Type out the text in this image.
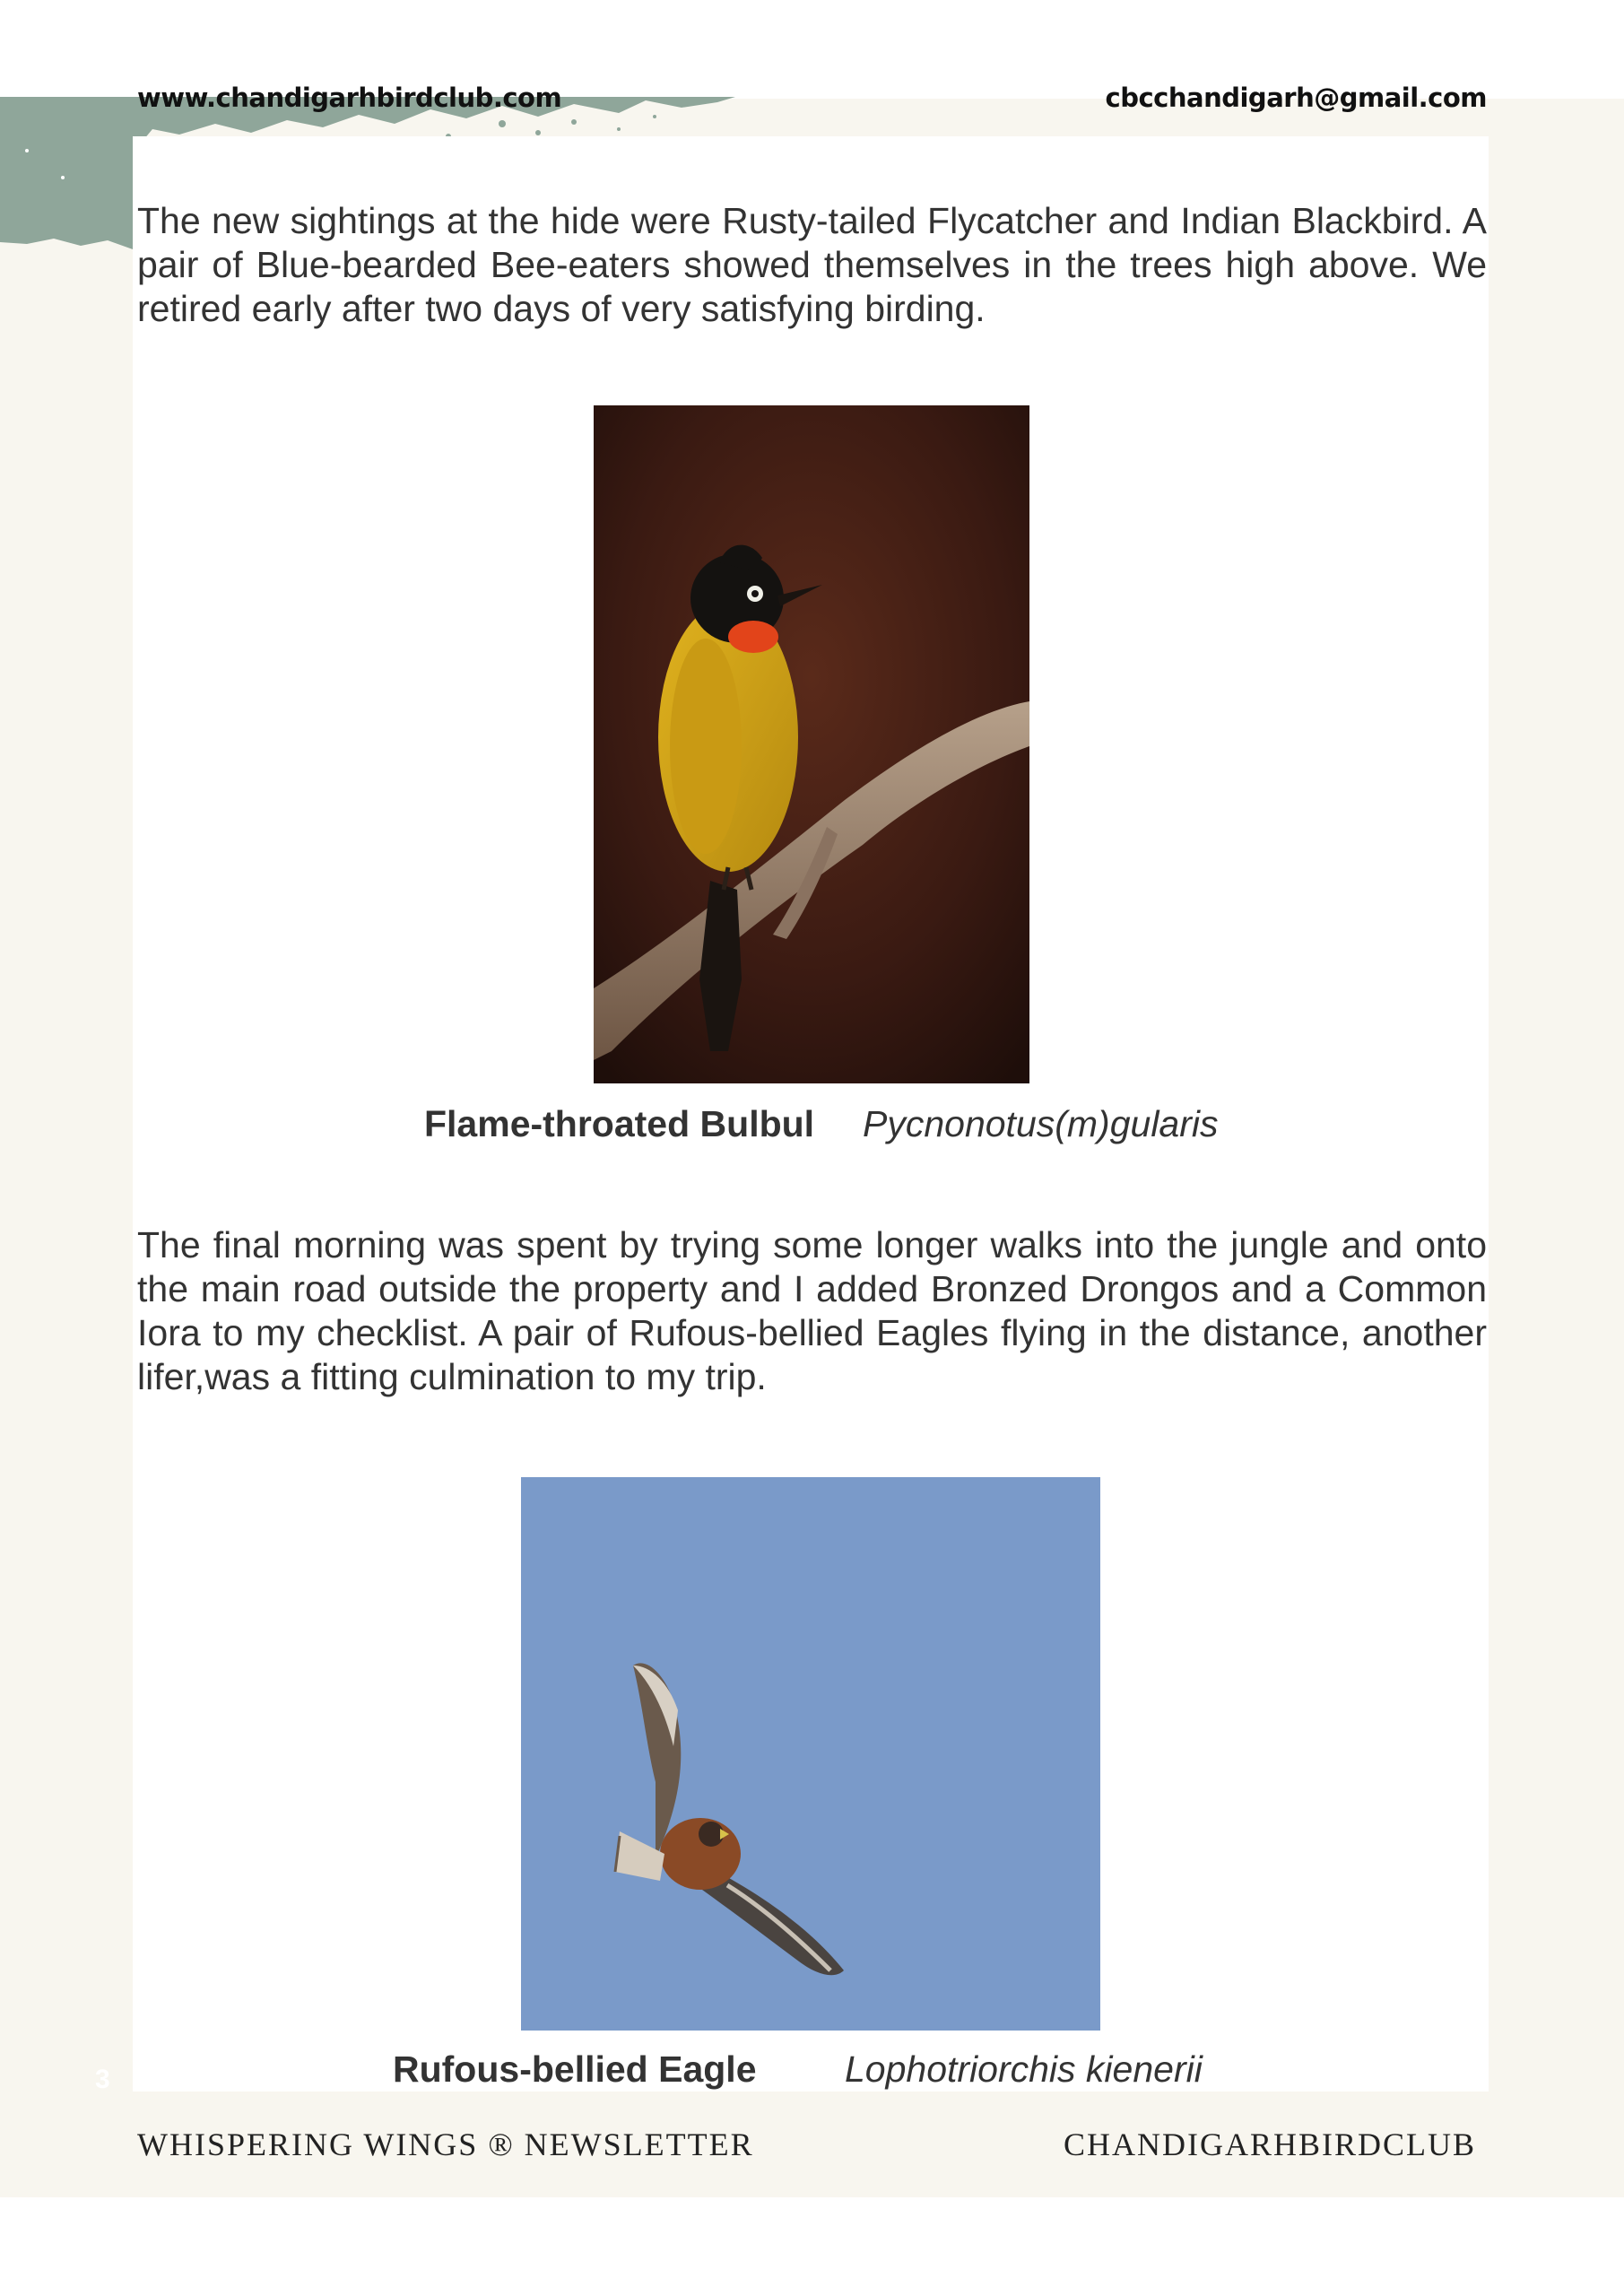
www.chandigarhbirdclub.com	cbcchandigarh@gmail.com

The new sightings at the hide were Rusty-tailed Flycatcher and Indian Blackbird. A pair of Blue-bearded Bee-eaters showed themselves in the trees high above. We retired early after two days of very satisfying birding.

Flame-throated Bulbul Pycnonotus(m)gularis

The final morning was spent by trying some longer walks into the jungle and onto the main road outside the property and I added Bronzed Drongos and a Common Iora to my checklist. A pair of Rufous-bellied Eagles flying in the distance, another lifer,was a fitting culmination to my trip.

Rufous-bellied Eagle Lophotriorchis kienerii
3
WHISPERING WINGS ® NEWSLETTER	CHANDIGARHBIRDCLUB
